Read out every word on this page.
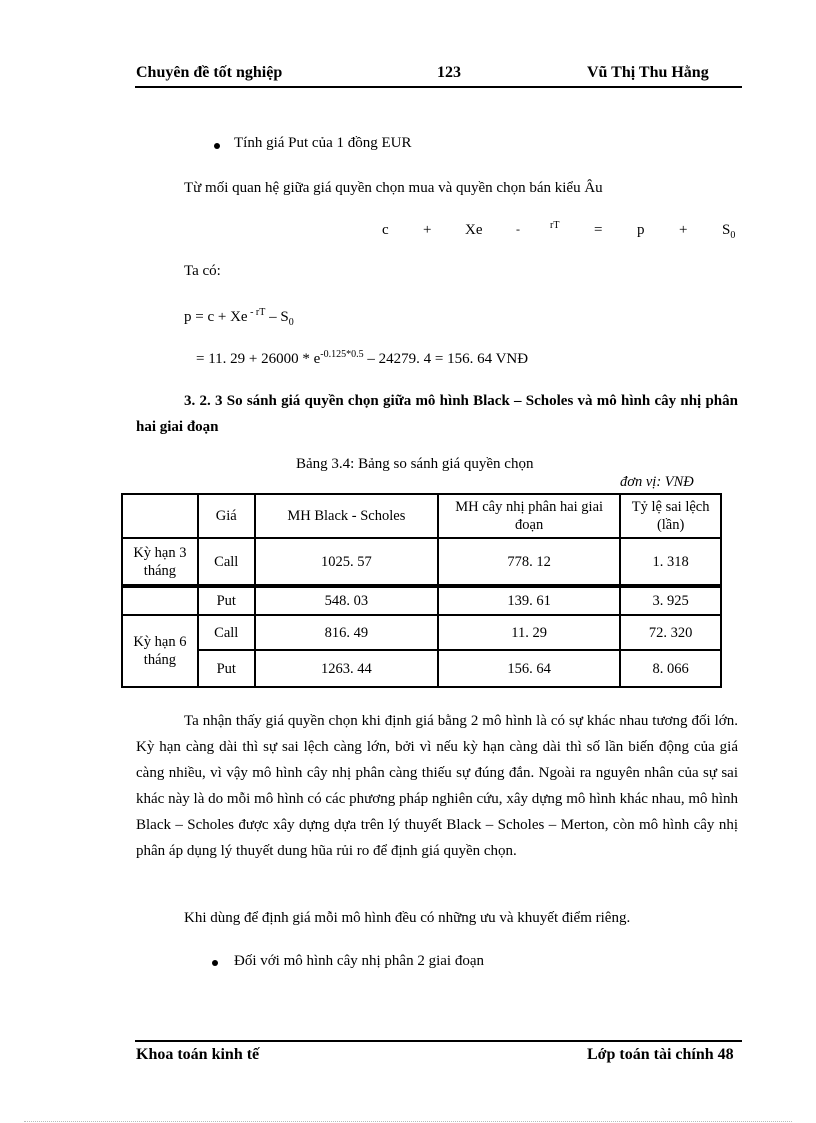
Chuyên đề tốt nghiệp	123	Vũ Thị Thu Hằng
Tính giá Put của 1 đồng EUR
Từ mối quan hệ giữa giá quyền chọn mua và quyền chọn bán kiểu Âu
c + Xe	-	rT = $p + S_0$
Ta có:
p = c + Xe $^{- rT} - S_0$
= 11. $29 + 26000 * e^{-0.125*0.5} - 24279$. 4 = 156. 64 VNĐ
3. 2. 3 So sánh giá quyền chọn giữa mô hình Black – Scholes và mô hình cây nhị phân hai giai đoạn
Bảng 3.4: Bảng so sánh giá quyền chọn
đơn vị: VNĐ
	Giá	MH Black - Scholes	MH cây nhị phân hai giai đoạn	Tỷ lệ sai lệch (lần)
Kỳ hạn 3 tháng	Call	1025. 57	778. 12	1. 318
	Put	548. 03	139. 61	3. 925
Kỳ hạn 6 tháng	Call	816. 49	11. 29	72. 320
	Put	1263. 44	156. 64	8. 066
Ta nhận thấy giá quyền chọn khi định giá bằng 2 mô hình là có sự khác nhau tương đối lớn. Kỳ hạn càng dài thì sự sai lệch càng lớn, bởi vì nếu kỳ hạn càng dài thì số lần biến động của giá càng nhiều, vì vậy mô hình cây nhị phân càng thiếu sự đúng đắn. Ngoài ra nguyên nhân của sự sai khác này là do mỗi mô hình có các phương pháp nghiên cứu, xây dựng mô hình khác nhau, mô hình Black – Scholes được xây dựng dựa trên lý thuyết Black – Scholes – Merton, còn mô hình cây nhị phân áp dụng lý thuyết dung hũa rủi ro để định giá quyền chọn.
Khi dùng để định giá mỗi mô hình đều có những ưu và khuyết điểm riêng.
Đối với mô hình cây nhị phân 2 giai đoạn
Khoa toán kinh tế	Lớp toán tài chính 48
